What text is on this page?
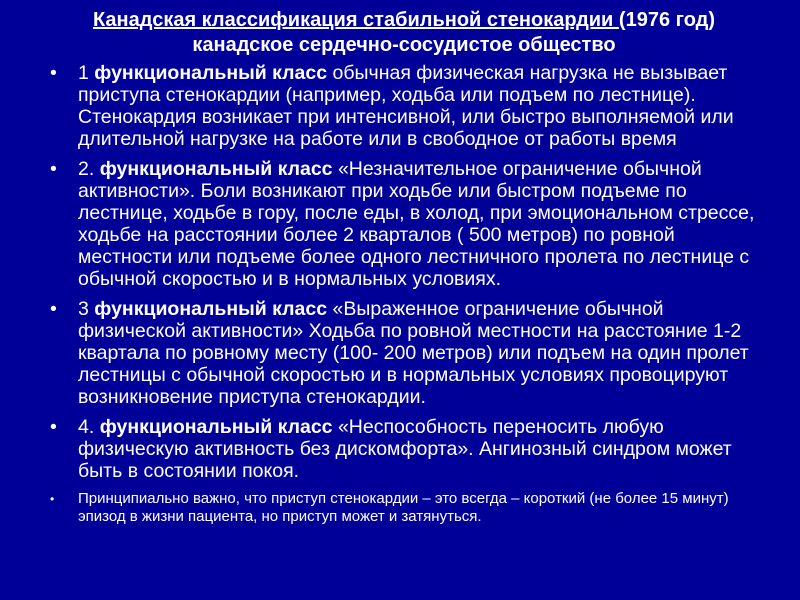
Канадская классификация стабильной стенокардии (1976 год)
канадское сердечно-сосудистое общество
• 1 функциональный класс обычная физическая нагрузка не вызывает приступа стенокардии (например, ходьба или подъем по лестнице). Стенокардия возникает при интенсивной, или быстро выполняемой или длительной нагрузке на работе или в свободное от работы время
• 2. функциональный класс «Незначительное ограничение обычной активности». Боли возникают при ходьбе или быстром подъеме по лестнице, ходьбе в гору, после еды, в холод, при эмоциональном стрессе, ходьбе на расстоянии более 2 кварталов ( 500 метров) по ровной местности или подъеме более одного лестничного пролета по лестнице с обычной скоростью и в нормальных условиях.
• 3 функциональный класс «Выраженное ограничение обычной физической активности» Ходьба по ровной местности на расстояние 1-2 квартала по ровному месту (100- 200 метров) или подъем на один пролет лестницы с обычной скоростью и в нормальных условиях провоцируют возникновение приступа стенокардии.
• 4. функциональный класс «Неспособность переносить любую физическую активность без дискомфорта». Ангинозный синдром может быть в состоянии покоя.
• Принципиально важно, что приступ стенокардии – это всегда – короткий (не более 15 минут) эпизод в жизни пациента, но приступ может и затянуться.
